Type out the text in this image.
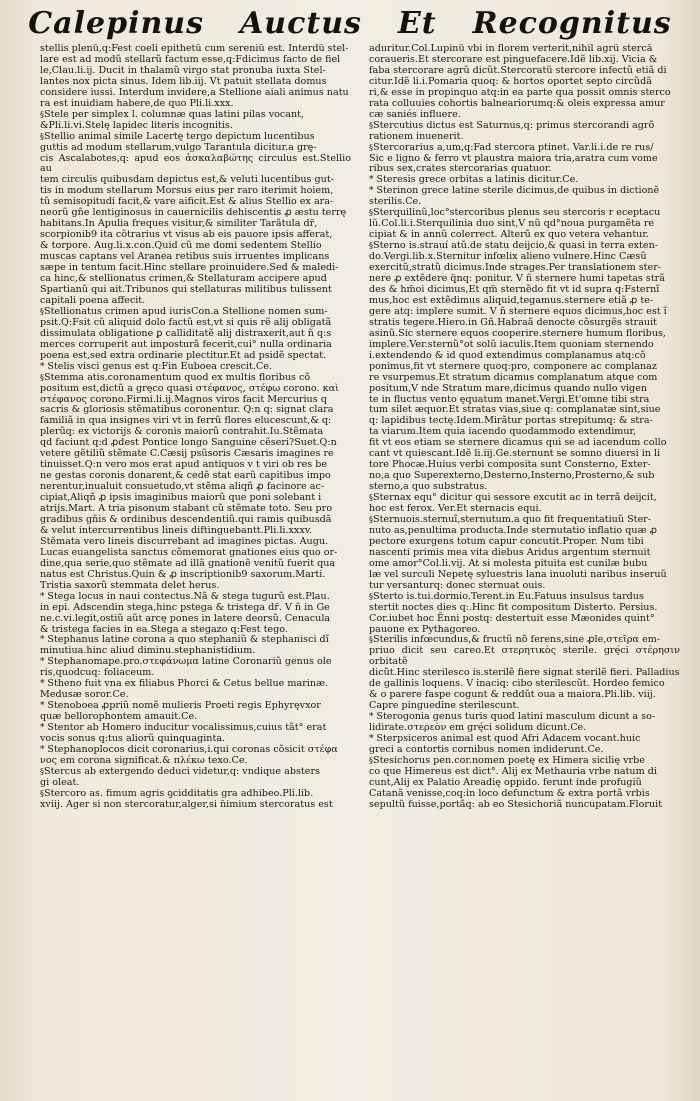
Calepinus Auctus Et Recognitus

stellis plenũ,q:Fest coeli epithetũ cum sereniũ est. Interdũ stel-

lare est ad modũ stellarũ factum esse,q:Fdicimus facto de fiel

le,Clau.li.ij. Ducit in thalamũ virgo stat pronuba iuxta Stel-

lantes nox picta sinus. Idem lib.iij. Vt patuit stellata domus

considere iussi. Interdum invidere,a Stellione aiali animus natu

ra est inuidiam habere,de quo Pli.li.xxx.

§ Stele per simplex l. columnæ quas latini pilas vocant,

&Pli.li.vi.Stelę lapidec literis incognitis.

§ Stellio animal simile Lacertę tergo depictum lucentibus

guttis ad modum stellarum,vulgo Tarantula dicitur.a grę-

cis Ascalabotes,q: apud eos ἀσκαλαβώτης circulus est.Stellio au

tem circulis quibusdam depictus est,& veluti lucentibus gut-

tis in modum stellarum Morsus eius per raro iterimit hoiem,

tũ semisopitudi facit,& vare aificit.Est & alius Stellio ex ara-

neorũ gñe lentiginosus in cauernicilis dehiscentis ꝓ æstu terrę

habitans.In Apulia freques visitur,& similiter Tarãtula dr̃,

scorpionib9 ita cõtrarius vt visus ab eis pauore ipsis afferat,

& torpore. Aug.li.x.con.Quid cũ me domi sedentem Stellio

muscas captans vel Aranea retibus suis irruentes implicans

sæpe in tentum facit.Hinc stellare proinuidere.Sed & maledi-

ca hinc,& stellionatus crimen,& Stellaturam accipere apud

Spartianũ qui ait.Tribunos qui stellaturas militibus tulissent

capitali poena affecit.

§ Stellionatus crimen apud iurisCon.a Stellione nomen sum-

psit.Q:Fsit cũ aliquid dolo factũ est,vt si quis rẽ alij obligatã

dissimulata obligatione ꝑ calliditatẽ alij distraxerit,aut ñ q:s

merces corruperit aut imposturã fecerit,cui° nulla ordinaria

poena est,sed extra ordinarie plectitur.Et ad psidẽ spectat.

* Stelis visci genus est q:Fin Euboea crescit.Ce.

§ Stemma atis.coronamentum quod ex multis floribus cõ

positum est,dictũ a gręco quasi στέφανος, στέφω corono. καὶ

στέφανος corono.Firmi.li.ij.Magnos viros facit Mercurius q

sacris & gloriosis stẽmatibus coronentur. Q:n q: signat clara

familiã in qua insignes viri vt in ferrũ flores elucescunt,& q:

plerũq: ex victorijs & coronis maiorũ contrahit.Iu.Stẽmata

qd faciunt q:d ꝓdest Pontice longo Sanguine cẽseri?Suet.Q:n

vetere gẽtiliũ stẽmate C.Cæsij psũsoris Cæsaris imagines re

tinuisset.Q:n vero mos erat apud antiquos v t viri ob res be

ne gestas coronis donarent,& cedẽ stat earũ capitibus impo

nerentur,inualuit consuetudo,vt stẽma aliqñ ꝓ facinore ac-

cipiat,Aliqñ ꝓ ipsis imaginibus maiorũ que poni solebant i

atrijs.Mart. A tria pisonum stabant cũ stẽmate toto. Seu pro

gradibus gñis & ordinibus descendentiũ.qui ramis quibusdã

& velut intercurrentibus lineis diftinguebantt.Pli.li.xxxv.

Stẽmata vero lineis discurrebant ad imagines pictas. Augu.

Lucas euangelista sanctus cõmemorat gnationes eius quo or-

dine,qua serie,quo stẽmate ad illã gnationẽ venitũ fuerit qua

natus est Christus.Quin & ꝓ inscriptionib9 saxorum.Marti.

Tristia saxorũ stemmata delet herus.

* Stega locus in naui contectus.Nã & stega tugurũ est.Plau.

in epi. Adscendin stega,hinc pstega & tristega dr̃. V ñ in Ge

ne.c.vi.legit,ostiũ aũt arcę pones in latere deorsũ. Cenacula

& tristega facies in ea.Stega a stegazo q:Fest tego.

* Stephanus latine corona a quo stephaniũ & stephanisci dĩ

minutiua.hinc aliud diminu.stephanistidium.

* Stephanomape.pro.στεφάνωμα latine Coronariũ genus ole

ris,quodcuq: foliaceum.

* Stheno fuit vna ex filiabus Phorci & Cetus bellue marinæ.

Medusæ soror.Ce.

* Stenoboea ꝓpriũ nomẽ mulieris Proeti regis Ephyręvxor

quæ bellorophontem amauit.Ce.

* Stentor ab Homero inducitur vocalissimus,cuius tãt° erat

vocis sonus q:tus aliorũ quinquaginta.

* Stephanoplocos dicit coronarius,i.qui coronas cõsicit στέφα

νος em corona significat.& πλέκω texo.Ce.

§ Stercus ab extergendo deduci videtur,q: vndique absters

gi oleat.

§ Stercoro as. fimum agris ꝯcidditatis gra adhibeo.Pli.lib.

xviij. Ager si non stercoratur,alger,si n̄imium stercoratus est

aduritur.Col.Lupinũ vbi in florem verterit,nihil agrũ stercã

coraueris.Et stercorare est pinguefacere.Idẽ lib.xij. Vicia &

faba stercorare agrũ dicũt.Stercoratũ stercore infectũ etiã di

citur.Idẽ li.i.Pomaria quoq: & hortos oportet septo circũdã

ri,& esse in propinquo atq:in ea parte qua possit omnis sterco

rata colluuies cohortis balneariorumq:& oleis expressa amur

cæ saniés influere.

§ Stercutius dictus est Saturnus,q: primus stercorandi agrõ

rationem inuenerit.

§ Stercorarius a,um,q:Fad stercora ptinet. Var.li.i.de re rus/

Sic e ligno & ferro vt plaustra maiora tria,aratra cum vome

ribus sex,crates stercorarias quatuor.

* Steresis grece orbitas a latinis dicitur.Ce.

* Sterinon grece latine sterile dicimus,de quibus in dictionẽ

sterilis.Ce.

§ Sterquilinũ,loc°stercoribus plenus seu stercoris r eceptacu

lũ.Col.li.i.Sterquilinia duo sint,V nũ qd°noua purgamẽta re

cipiat & in annũ colerrect. Alterũ ex quo vetera vehantur.

§ Sterno is.strauí atũ.de statu deijcio,& quasi in terra exten-

do.Vergi.lib.x.Sternitur infœlix alieno vulnere.Hinc Cæsũ

exercitũ,stratũ dicimus.Inde strages.Per translationem ster-

nere ꝓ extẽdere q̃nq: ponitur. V ñ sternere humi tapetas strã

des & hm̃oi dicimus,Et qm̃ sternẽdo fit vt id supra q:Fsternĩ

mus,hoc est extẽdimus aliquid,tegamus.sternere etiã ꝓ te-

gere atq: implere sumit. V ñ sternere equos dicimus,hoc est ĩ

stratis tegere.Hiero.in Gñ.Habraã denocte cõsurgẽs strauit

asinũ.Sic sternere equos cooperire.sternere humum floribus,

implere.Ver.sternũ°ot solũ iaculis.Item quoniam sternendo

i.extendendo & id quod extendimus complanamus atq:cõ

ponimus,fit vt sternere quoq:pro, componere ac complanaz

re vsurpemus.Et stratum dicamus complanatum atque com

positum,V nde Stratum mare,dicimus quando nullo vigen

te in fluctus vento ęquatum manet.Vergi.Et'omne tibi stra

tum silet æquor.Et stratas vias,siue q: complanatæ sint,siue

q: lapidibus tectę.Idem.Mirãtur portas strepitumq: & stra-

ta viarum.Item quia iacendo quodammodo extendimur,

fit vt eos etiam se sternere dicamus qui se ad iacendum collo

cant vt quiescant.Idẽ li.iij.Ge.sternunt se somno diuersi in li

tore Phocæ.Huius verbi composita sunt Consterno, Exter-

no,a quo Superexterno,Desterno,Insterno,Prosterno,& sub

sterno,a quo substratus.

§ Sternax equ° dicitur qui sessore excutit ac in terrã deijcit,

hoc est ferox. Ver.Et sternacis equi.

§ Sternuois.sternuĩ,sternutum.a quo fit frequentatiuũ Ster-

nuto as,penultima producta.Inde sternutatio inflatio quæ ꝓ

pectore exurgens totum capur concutit.Proper. Num tibi

nascenti primis mea vita diebus Aridus argentum sternuit

ome amor°Col.li.vij. At si molesta pituita est cunilæ bubu

læ vel surculi Nepetę syluestris lana inuoluti naribus inseruũ

tur versanturq: donec sternuat ouis.

§ Sterto is.tui.dormio.Terent.in Eu.Fatuus insulsus tardus

stertit noctes dies q:.Hinc fit compositum Disterto. Persius.

Cor.iubet hoc Ẽnni postq: destertuit esse Mæonides quint°

pauone ex Pythagoreo.

§ Sterilis infœcundus,& fructũ nõ ferens,sine ꝓle,στεῖρα em-

priuo dicit seu careo.Et στερητικὸς sterile. grę́ci στέρησιν orbitatẽ

dicũt.Hinc sterilesco is.sterilẽ fiere signat sterilẽ fieri. Palladius

de gallinis loquens. V inaciq: cibo sterilescũt. Hordeo femico

& o parere faspe cogunt & reddũt oua a maiora.Pli.lib. viij.

Capre pinguedine sterilescunt.

* Sterogonia genus turis quod latini masculum dicunt a so-

lidirate.στερεὸν em grę́ci solidum dicunt.Ce.

* Sterpsiceros animal est quod Afri Adacem vocant.huic

greci a contortis cornibus nomen indiderunt.Ce.

§ Stesichorus pen.cor.nomen poetę ex Himera sicilię vrbe

co que Himereus est dict°. Alij ex Methauria vrbe natum di

cunt,Alij ex Palatio Areadię oppido. ferunt inde profugiũ

Catanã venisse,coq:in loco defunctum & extra portã vrbis

sepultũ fuisse,portãq: ab eo Stesichoriã nuncupatam.Floruit
